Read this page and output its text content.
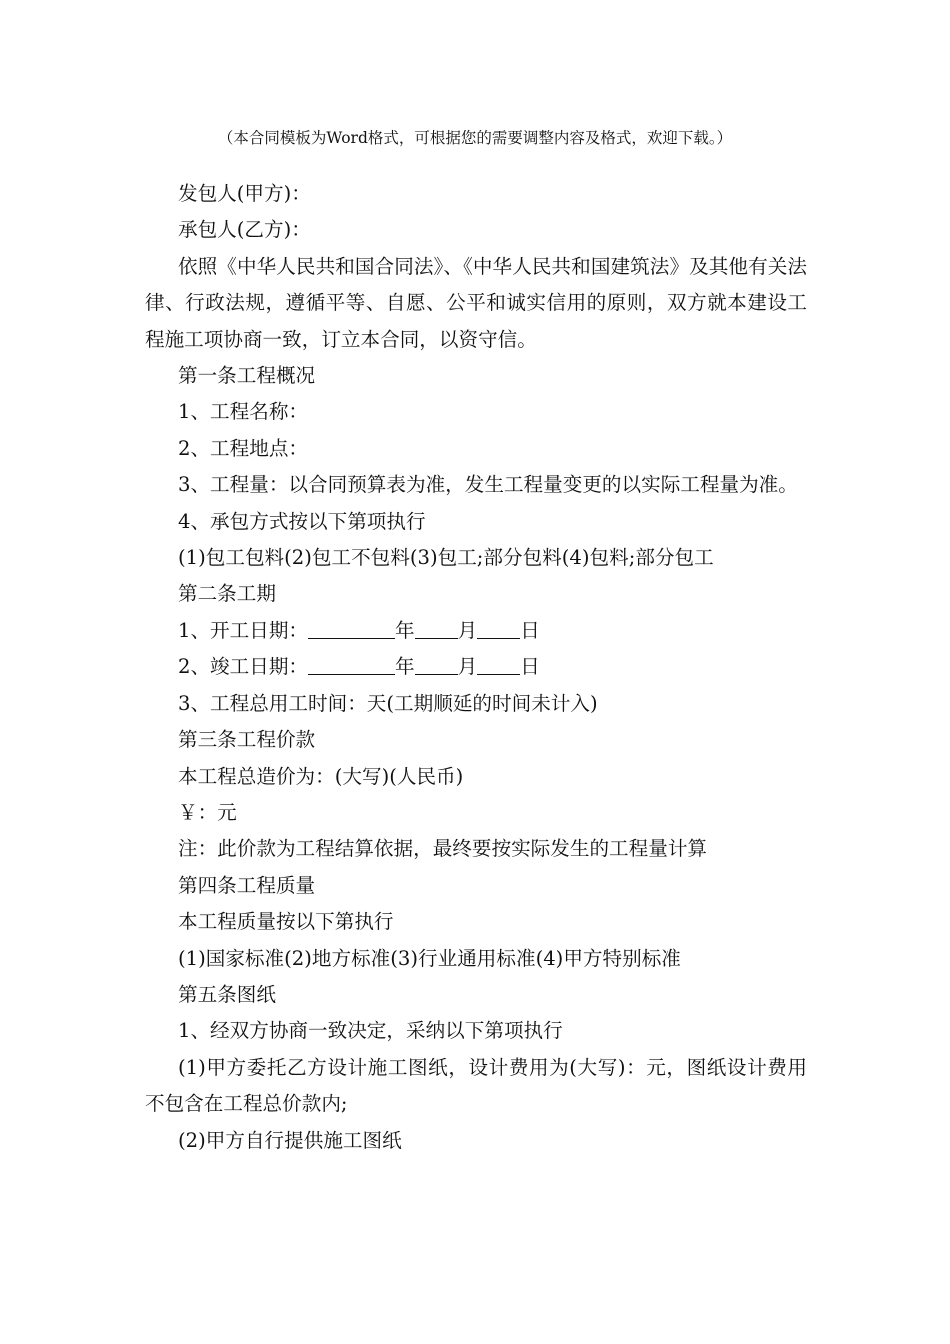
（本合同模板为Word格式，可根据您的需要调整内容及格式，欢迎下载。）

发包人(甲方)：

承包人(乙方)：

依照《中华人民共和国合同法》、《中华人民共和国建筑法》及其他有关法律、行政法规，遵循平等、自愿、公平和诚实信用的原则，双方就本建设工程施工项协商一致，订立本合同，以资守信。

第一条工程概况

1、工程名称：

2、工程地点：

3、工程量：以合同预算表为准，发生工程量变更的以实际工程量为准。

4、承包方式按以下第项执行

(1)包工包料(2)包工不包料(3)包工;部分包料(4)包料;部分包工

第二条工期

1、开工日期：	年 月 日

2、竣工日期：	年 月 日

3、工程总用工时间：天(工期顺延的时间未计入)

第三条工程价款

本工程总造价为：(大写)(人民币)

￥：元

注：此价款为工程结算依据，最终要按实际发生的工程量计算

第四条工程质量

本工程质量按以下第执行

(1)国家标准(2)地方标准(3)行业通用标准(4)甲方特别标准

第五条图纸

1、经双方协商一致决定，采纳以下第项执行

(1)甲方委托乙方设计施工图纸，设计费用为(大写)：元，图纸设计费用不包含在工程总价款内;

(2)甲方自行提供施工图纸
